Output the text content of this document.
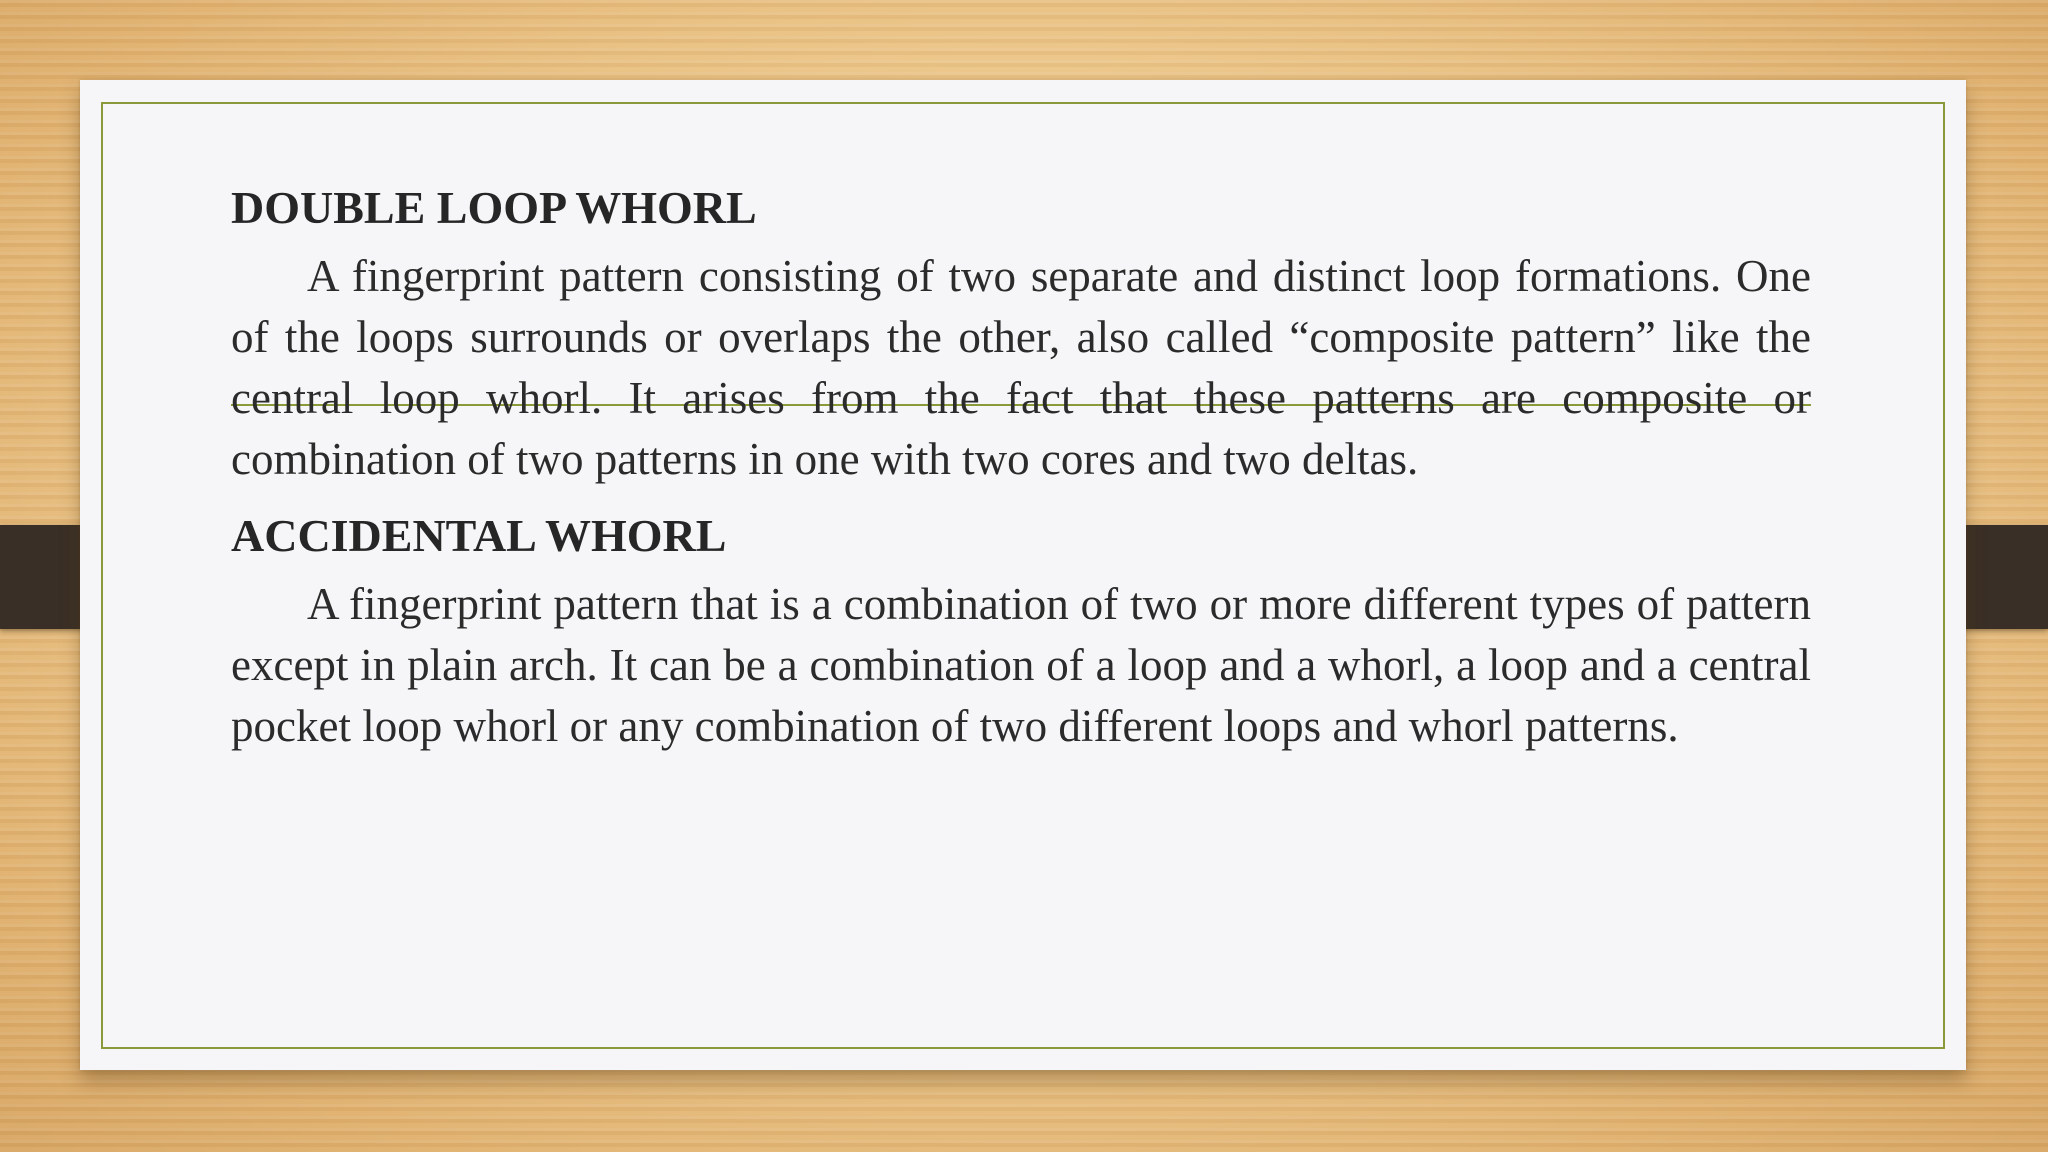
DOUBLE LOOP WHORL

A fingerprint pattern consisting of two separate and distinct loop formations. One of the loops surrounds or overlaps the other, also called “composite pattern” like the central loop whorl. It arises from the fact that these patterns are composite or combination of two patterns in one with two cores and two deltas.

ACCIDENTAL WHORL

A fingerprint pattern that is a combination of two or more different types of pattern except in plain arch. It can be a combination of a loop and a whorl, a loop and a central pocket loop whorl or any combination of two different loops and whorl patterns.
